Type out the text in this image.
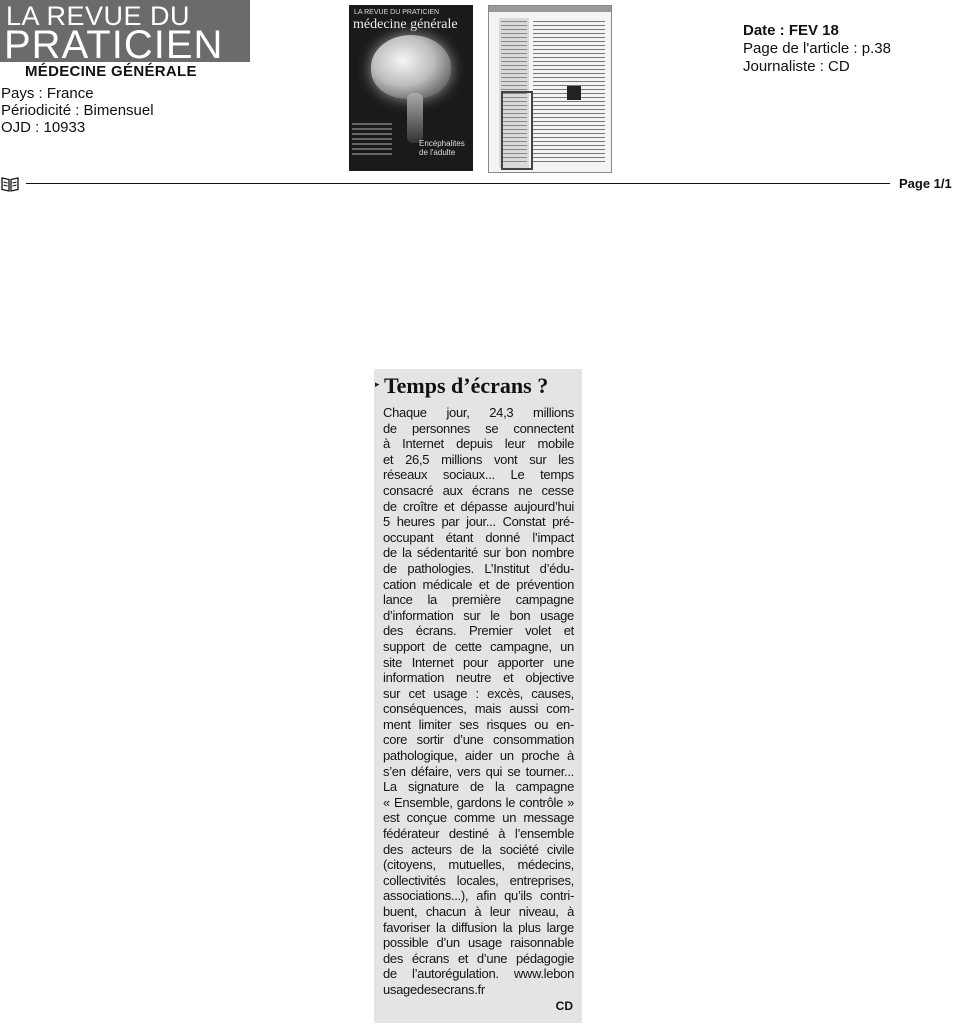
LA REVUE DU
PRATICIEN
MÉDECINE GÉNÉRALE
Pays : France
Périodicité : Bimensuel
OJD : 10933
LA REVUE DU PRATICIEN
médecine générale
Encéphalites de l'adulte
Date : FEV 18
Page de l'article : p.38
Journaliste : CD
Page 1/1
▸ Temps d’écrans ?
Chaque jour, 24,3 millions
de personnes se connectent
à Internet depuis leur mobile
et 26,5 millions vont sur les
réseaux sociaux... Le temps
consacré aux écrans ne cesse
de croître et dépasse aujourd’hui
5 heures par jour... Constat pré-
occupant étant donné l’impact
de la sédentarité sur bon nombre
de pathologies. L’Institut d’édu-
cation médicale et de prévention
lance la première campagne
d’information sur le bon usage
des écrans. Premier volet et
support de cette campagne, un
site Internet pour apporter une
information neutre et objective
sur cet usage : excès, causes,
conséquences, mais aussi com-
ment limiter ses risques ou en-
core sortir d’une consommation
pathologique, aider un proche à
s’en défaire, vers qui se tourner...
La signature de la campagne
« Ensemble, gardons le contrôle »
est conçue comme un message
fédérateur destiné à l’ensemble
des acteurs de la société civile
(citoyens, mutuelles, médecins,
collectivités locales, entreprises,
associations...), afin qu’ils contri-
buent, chacun à leur niveau, à
favoriser la diffusion la plus large
possible d’un usage raisonnable
des écrans et d’une pédagogie
de l’autorégulation. www.lebon
usagedesecrans.fr
CD
